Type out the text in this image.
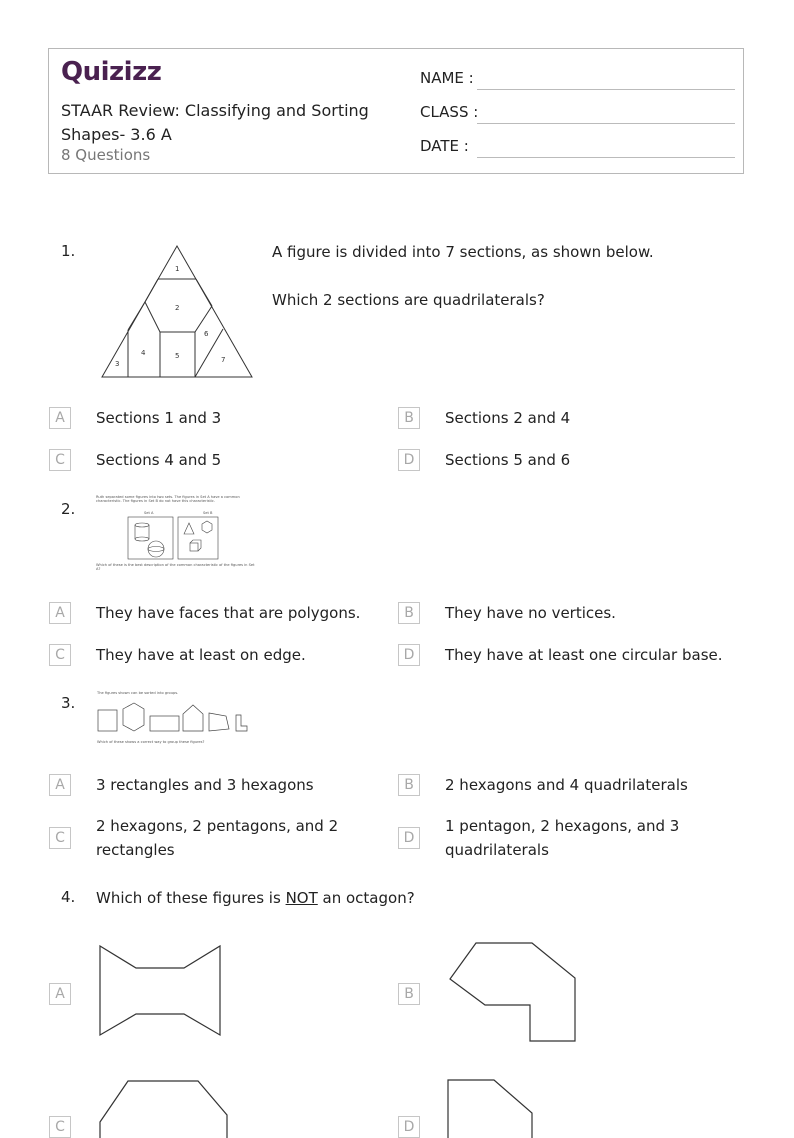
Quizizz
STAAR Review: Classifying and Sorting Shapes- 3.6 A
8 Questions
NAME :
CLASS :
DATE :
1.
1
2
3
4	5
6
7
A figure is divided into 7 sections, as shown below.
Which 2 sections are quadrilaterals?
A	Sections 1 and 3	B	Sections 2 and 4
C	Sections 4 and 5	D	Sections 5 and 6
2.
Ruth separated some figures into two sets. The figures in Set A have a common characteristic. The figures in Set B do not have this characteristic.
Set A	Set B
Which of these is the best description of the common characteristic of the figures in Set A?
A	They have faces that are polygons.	B	They have no vertices.
C	They have at least on edge.	D	They have at least one circular base.
3.
The figures shown can be sorted into groups.
Which of these shows a correct way to group these figures?
A	3 rectangles and 3 hexagons	B	2 hexagons and 4 quadrilaterals
C
2 hexagons, 2 pentagons, and 2 rectangles
D
1 pentagon, 2 hexagons, and 3 quadrilaterals
4. Which of these figures is NOT an octagon?
A	B
C	D
